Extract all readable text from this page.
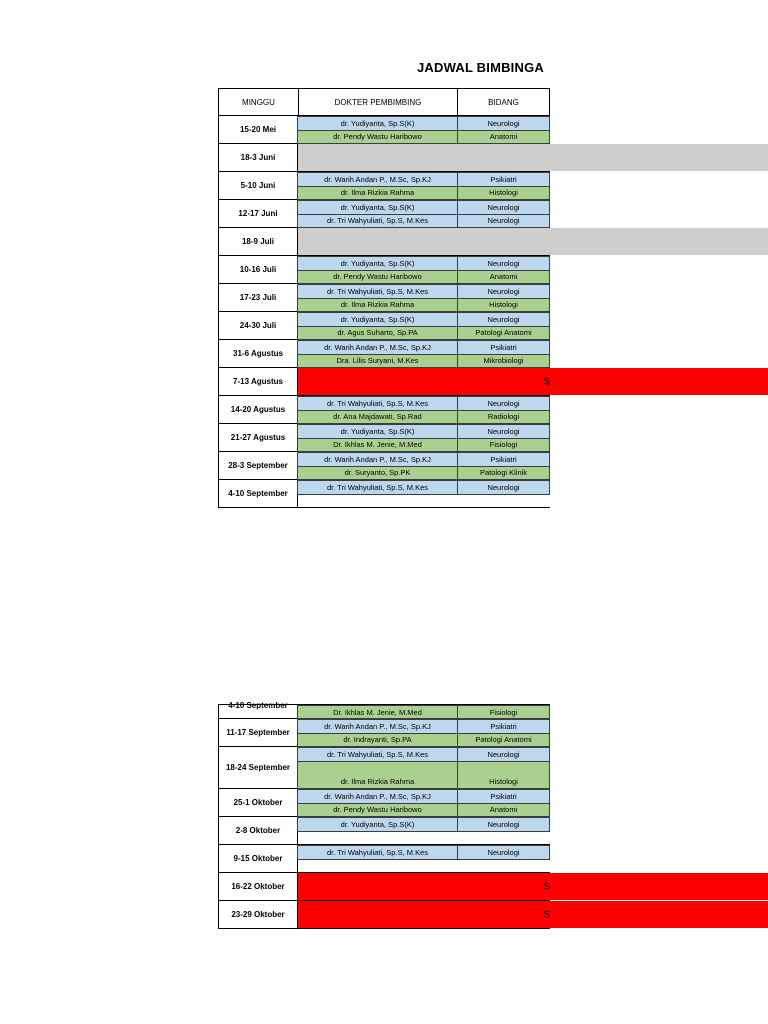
JADWAL BIMBINGA
MINGGU	DOKTER PEMBIMBING	BIDANG
15-20 Mei
dr. Yudiyanta, Sp.S(K)	Neurologi
dr. Pendy Wastu Haribowo	Anatomi
18-3 Juni
5-10 Juni
dr. Warih Andan P., M.Sc, Sp.KJ	Psikiatri
dr. Ilma Rizkia Rahma	Histologi
12-17 Juni
dr. Yudiyanta, Sp.S(K)	Neurologi
dr. Tri Wahyuliati, Sp.S, M.Kes	Neurologi
18-9 Juli
10-16 Juli
dr. Yudiyanta, Sp.S(K)	Neurologi
dr. Pendy Wastu Haribowo	Anatomi
17-23 Juli
dr. Tri Wahyuliati, Sp.S, M.Kes	Neurologi
dr. Ilma Rizkia Rahma	Histologi
24-30 Juli
dr. Yudiyanta, Sp.S(K)	Neurologi
dr. Agus Suharto, Sp.PA	Patologi Anatomi
31-6 Agustus
dr. Warih Andan P., M.Sc, Sp.KJ	Psikiatri
Dra. Lilis Suryani, M.Kes	Mikrobiologi
7-13 Agustus	S
14-20 Agustus
dr. Tri Wahyuliati, Sp.S, M.Kes	Neurologi
dr. Ana Majdawati, Sp.Rad	Radiologi
21-27 Agustus
dr. Yudiyanta, Sp.S(K)	Neurologi
Dr. Ikhlas M. Jenie, M.Med	Fisiologi
28-3 September
dr. Warih Andan P., M.Sc, Sp.KJ	Psikiatri
dr. Suryanto, Sp.PK	Patologi Klinik
4-10 September
dr. Tri Wahyuliati, Sp.S, M.Kes	Neurologi
4-10 September
Dr. Ikhlas M. Jenie, M.Med	Fisiologi
11-17 September
dr. Warih Andan P., M.Sc, Sp.KJ	Psikiatri
dr. Indrayanti, Sp.PA	Patologi Anatomi
18-24 September
dr. Tri Wahyuliati, Sp.S, M.Kes	Neurologi
dr. Ilma Rizkia Rahma	Histologi
25-1 Oktober
dr. Warih Andan P., M.Sc, Sp.KJ	Psikiatri
dr. Pendy Wastu Haribowo	Anatomi
2-8 Oktober
dr. Yudiyanta, Sp.S(K)	Neurologi
9-15 Oktober
dr. Tri Wahyuliati, Sp.S, M.Kes	Neurologi
16-22 Oktober	S
23-29 Oktober	S
